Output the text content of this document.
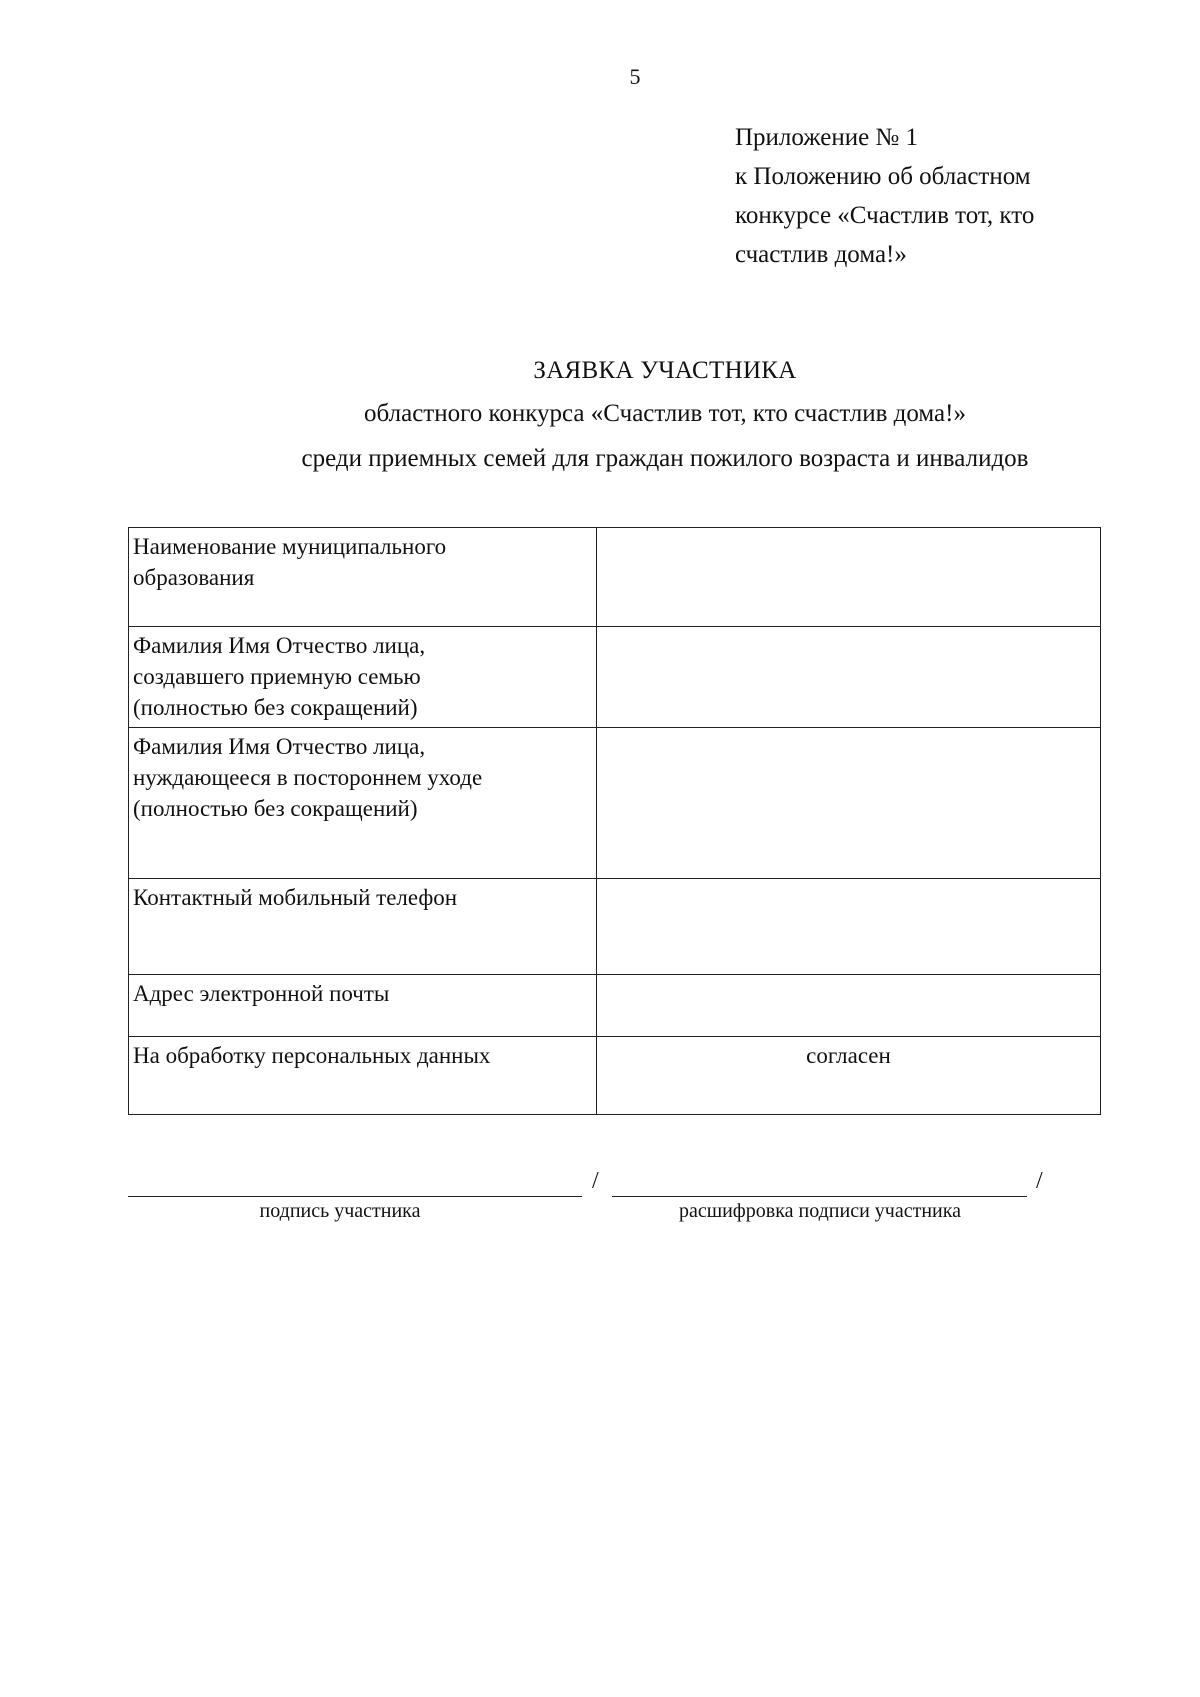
5
Приложение № 1
к Положению об областном
конкурсе «Счастлив тот, кто
счастлив дома!»
ЗАЯВКА УЧАСТНИКА
областного конкурса «Счастлив тот, кто счастлив дома!»
среди приемных семей для граждан пожилого возраста и инвалидов
Наименование муниципального
образования	

Фамилия Имя Отчество лица,
создавшего приемную семью
(полностью без сокращений)	

Фамилия Имя Отчество лица,
нуждающееся в постороннем уходе
(полностью без сокращений)	

Контактный мобильный телефон	

Адрес электронной почты	

На обработку персональных данных	согласен
/	/
подпись участника	расшифровка подписи участника
